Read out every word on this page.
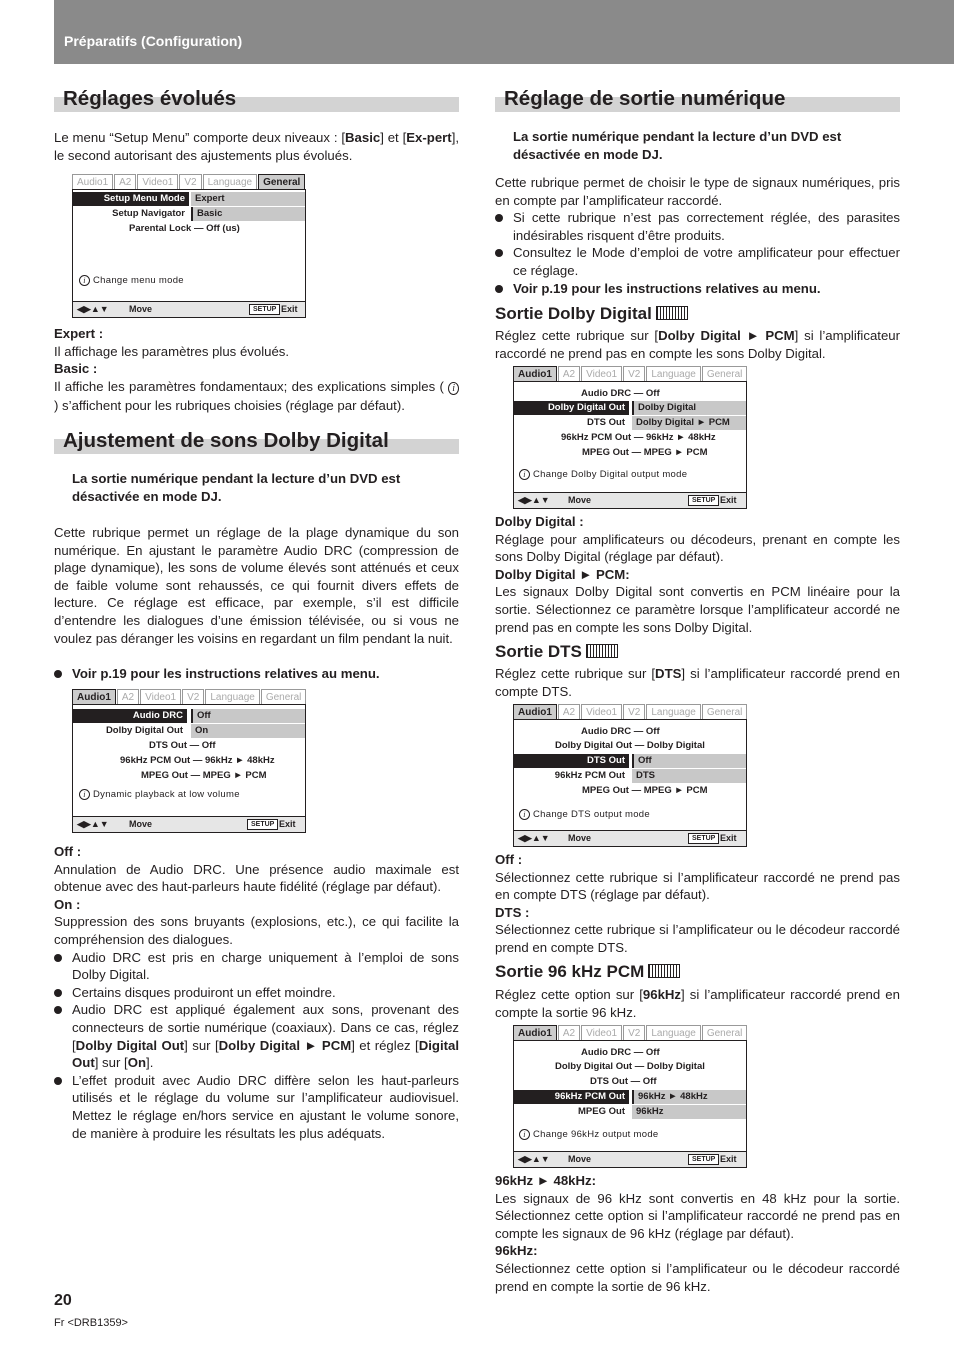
Préparatifs (Configuration)
Réglages évolués
Le menu “Setup Menu” comporte deux niveaux : [Basic] et [Ex-pert], le second autorisant des ajustements plus évolués.
Audio1	A2	Video1	V2	Language	General
Setup Menu Mode	Expert
Setup Navigator	Basic
Parental Lock — Off (us)
i Change menu mode
◀▶▲▼ Move	SETUP Exit
Expert :
Il affichage les paramètres plus évolués.
Basic :
Il affiche les paramètres fondamentaux; des explications simples ( i ) s’affichent pour les rubriques choisies (réglage par défaut).
Ajustement de sons Dolby Digital
La sortie numérique pendant la lecture d’un DVD est désactivée en mode DJ.
Cette rubrique permet un réglage de la plage dynamique du son numérique. En ajustant le paramètre Audio DRC (compression de plage dynamique), les sons de volume élevés sont atténués et ceux de faible volume sont rehaussés, ce qui fournit divers effets de lecture. Ce réglage est efficace, par exemple, s’il est difficile d’entendre les dialogues d’une émission télévisée, ou si vous ne voulez pas déranger les voisins en regardant un film pendant la nuit.
Voir p.19 pour les instructions relatives au menu.
Audio1	A2	Video1	V2	Language	General
Audio DRC	Off
Dolby Digital Out	On
DTS Out — Off
96kHz PCM Out — 96kHz ► 48kHz
MPEG Out — MPEG ► PCM
i Dynamic playback at low volume
◀▶▲▼ Move	SETUP Exit
Off :
Annulation de Audio DRC. Une présence audio maximale est obtenue avec des haut-parleurs haute fidélité (réglage par défaut).
On :
Suppression des sons bruyants (explosions, etc.), ce qui facilite la compréhension des dialogues.
Audio DRC est pris en charge uniquement à l’emploi de sons Dolby Digital.
Certains disques produiront un effet moindre.
Audio DRC est appliqué également aux sons, provenant des connecteurs de sortie numérique (coaxiaux). Dans ce cas, réglez [Dolby Digital Out] sur [Dolby Digital ► PCM] et réglez [Digital Out] sur [On].
L’effet produit avec Audio DRC diffère selon les haut-parleurs utilisés et le réglage du volume sur l’amplificateur audiovisuel. Mettez le réglage en/hors service en ajustant le volume sonore, de manière à produire les résultats les plus adéquats.
Réglage de sortie numérique
La sortie numérique pendant la lecture d’un DVD est désactivée en mode DJ.
Cette rubrique permet de choisir le type de signaux numériques, pris en compte par l’amplificateur raccordé.
Si cette rubrique n’est pas correctement réglée, des parasites indésirables risquent d’être produits.
Consultez le Mode d’emploi de votre amplificateur pour effectuer ce réglage.
Voir p.19 pour les instructions relatives au menu.
Sortie Dolby Digital
Réglez cette rubrique sur [Dolby Digital ► PCM] si l’amplificateur raccordé ne prend pas en compte les sons Dolby Digital.
Audio1	A2	Video1	V2	Language	General
Audio DRC — Off
Dolby Digital Out	Dolby Digital
DTS Out	Dolby Digital ► PCM
96kHz PCM Out — 96kHz ► 48kHz
MPEG Out — MPEG ► PCM
i Change Dolby Digital output mode
◀▶▲▼ Move	SETUP Exit
Dolby Digital :
Réglage pour amplificateurs ou décodeurs, prenant en compte les sons Dolby Digital (réglage par défaut).
Dolby Digital ► PCM:
Les signaux Dolby Digital sont convertis en PCM linéaire pour la sortie. Sélectionnez ce paramètre lorsque l’amplificateur accordé ne prend pas en compte les sons Dolby Digital.
Sortie DTS
Réglez cette rubrique sur [DTS] si l’amplificateur raccordé prend en compte DTS.
Audio1	A2	Video1	V2	Language	General
Audio DRC — Off
Dolby Digital Out — Dolby Digital
DTS Out	Off
96kHz PCM Out	DTS
MPEG Out — MPEG ► PCM
i Change DTS output mode
◀▶▲▼ Move	SETUP Exit
Off :
Sélectionnez cette rubrique si l’amplificateur raccordé ne prend pas en compte DTS (réglage par défaut).
DTS :
Sélectionnez cette rubrique si l’amplificateur ou le décodeur raccordé prend en compte DTS.
Sortie 96 kHz PCM
Réglez cette option sur [96kHz] si l’amplificateur raccordé prend en compte la sortie 96 kHz.
Audio1	A2	Video1	V2	Language	General
Audio DRC — Off
Dolby Digital Out — Dolby Digital
DTS Out — Off
96kHz PCM Out	96kHz ► 48kHz
MPEG Out	96kHz
i Change 96kHz output mode
◀▶▲▼ Move	SETUP Exit
96kHz ► 48kHz:
Les signaux de 96 kHz sont convertis en 48 kHz pour la sortie. Sélectionnez cette option si l’amplificateur raccordé ne prend pas en compte les signaux de 96 kHz (réglage par défaut).
96kHz:
Sélectionnez cette option si l’amplificateur ou le décodeur raccordé prend en compte la sortie de 96 kHz.
20
Fr <DRB1359>
